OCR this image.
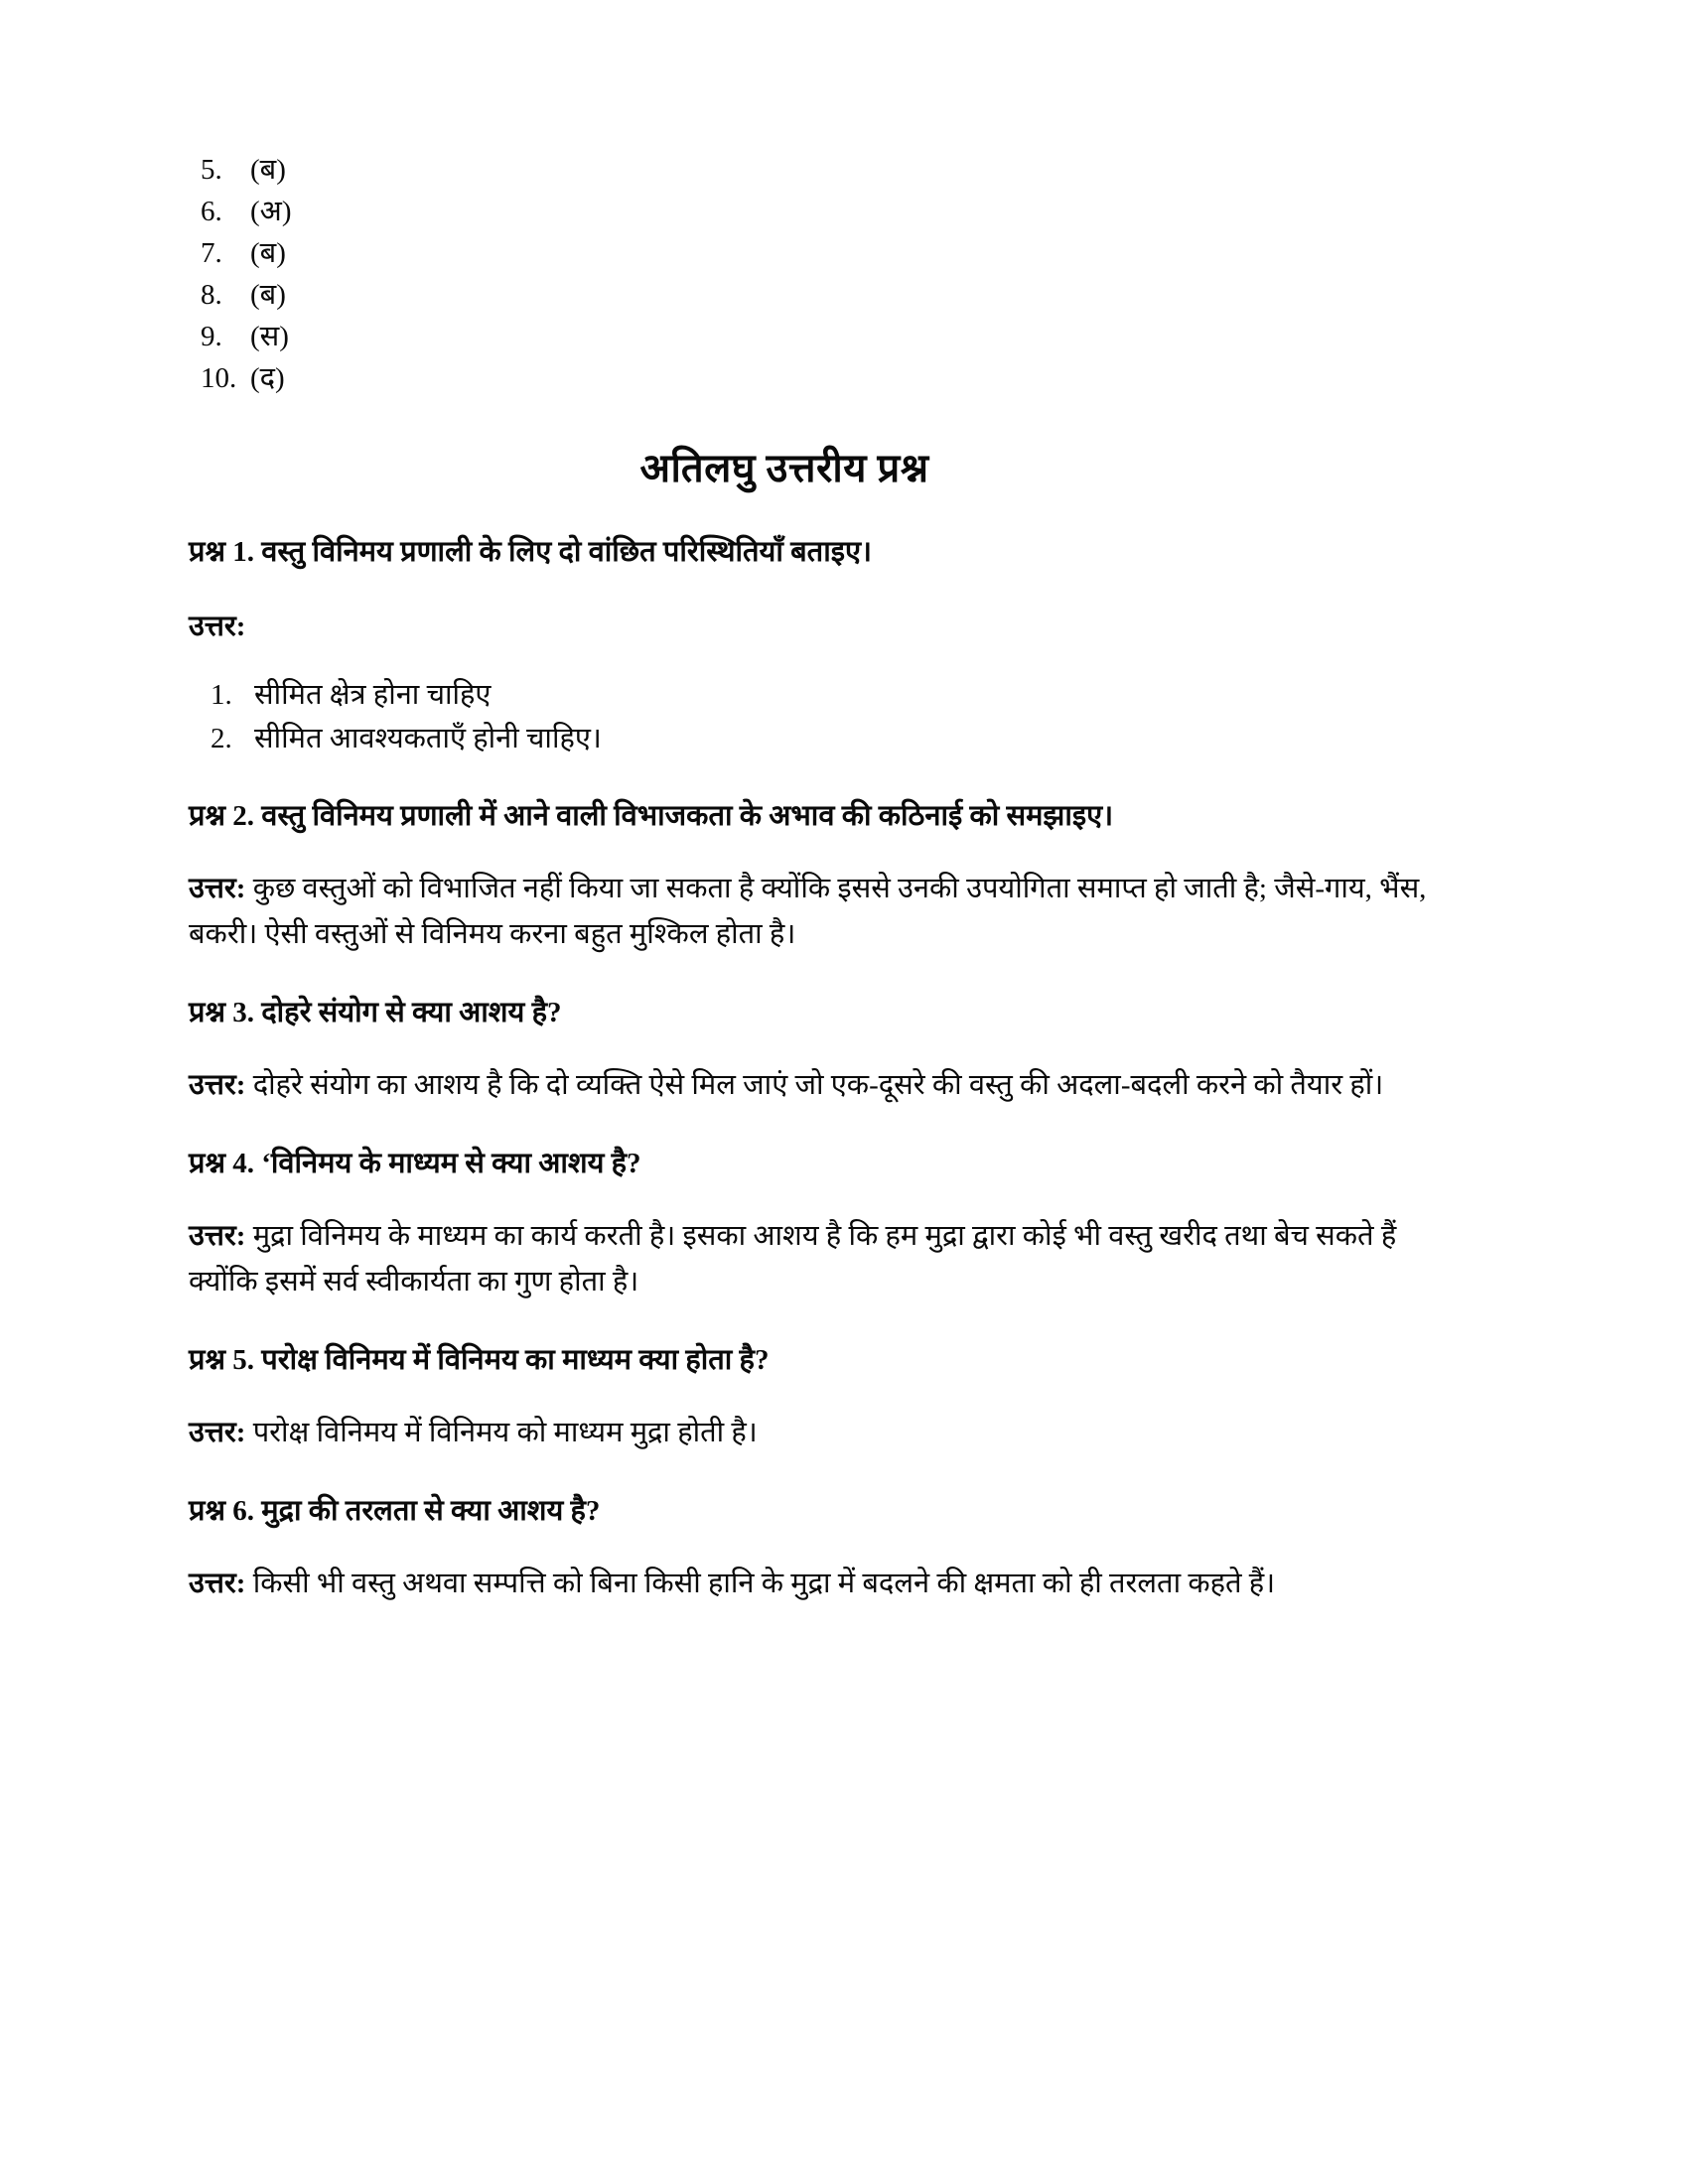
5. (ब)
6. (अ)
7. (ब)
8. (ब)
9. (स)
10. (द)
अतिलघु उत्तरीय प्रश्न

प्रश्न 1. वस्तु विनिमय प्रणाली के लिए दो वांछित परिस्थितियाँ बताइए।

उत्तर:

1. सीमित क्षेत्र होना चाहिए
2. सीमित आवश्यकताएँ होनी चाहिए।

प्रश्न 2. वस्तु विनिमय प्रणाली में आने वाली विभाजकता के अभाव की कठिनाई को समझाइए।

उत्तर: कुछ वस्तुओं को विभाजित नहीं किया जा सकता है क्योंकि इससे उनकी उपयोगिता समाप्त हो जाती है; जैसे-गाय, भैंस, बकरी। ऐसी वस्तुओं से विनिमय करना बहुत मुश्किल होता है।

प्रश्न 3. दोहरे संयोग से क्या आशय है?

उत्तर: दोहरे संयोग का आशय है कि दो व्यक्ति ऐसे मिल जाएं जो एक-दूसरे की वस्तु की अदला-बदली करने को तैयार हों।

प्रश्न 4. ‘विनिमय के माध्यम से क्या आशय है?

उत्तर: मुद्रा विनिमय के माध्यम का कार्य करती है। इसका आशय है कि हम मुद्रा द्वारा कोई भी वस्तु खरीद तथा बेच सकते हैं क्योंकि इसमें सर्व स्वीकार्यता का गुण होता है।

प्रश्न 5. परोक्ष विनिमय में विनिमय का माध्यम क्या होता है?

उत्तर: परोक्ष विनिमय में विनिमय को माध्यम मुद्रा होती है।

प्रश्न 6. मुद्रा की तरलता से क्या आशय है?

उत्तर: किसी भी वस्तु अथवा सम्पत्ति को बिना किसी हानि के मुद्रा में बदलने की क्षमता को ही तरलता कहते हैं।
